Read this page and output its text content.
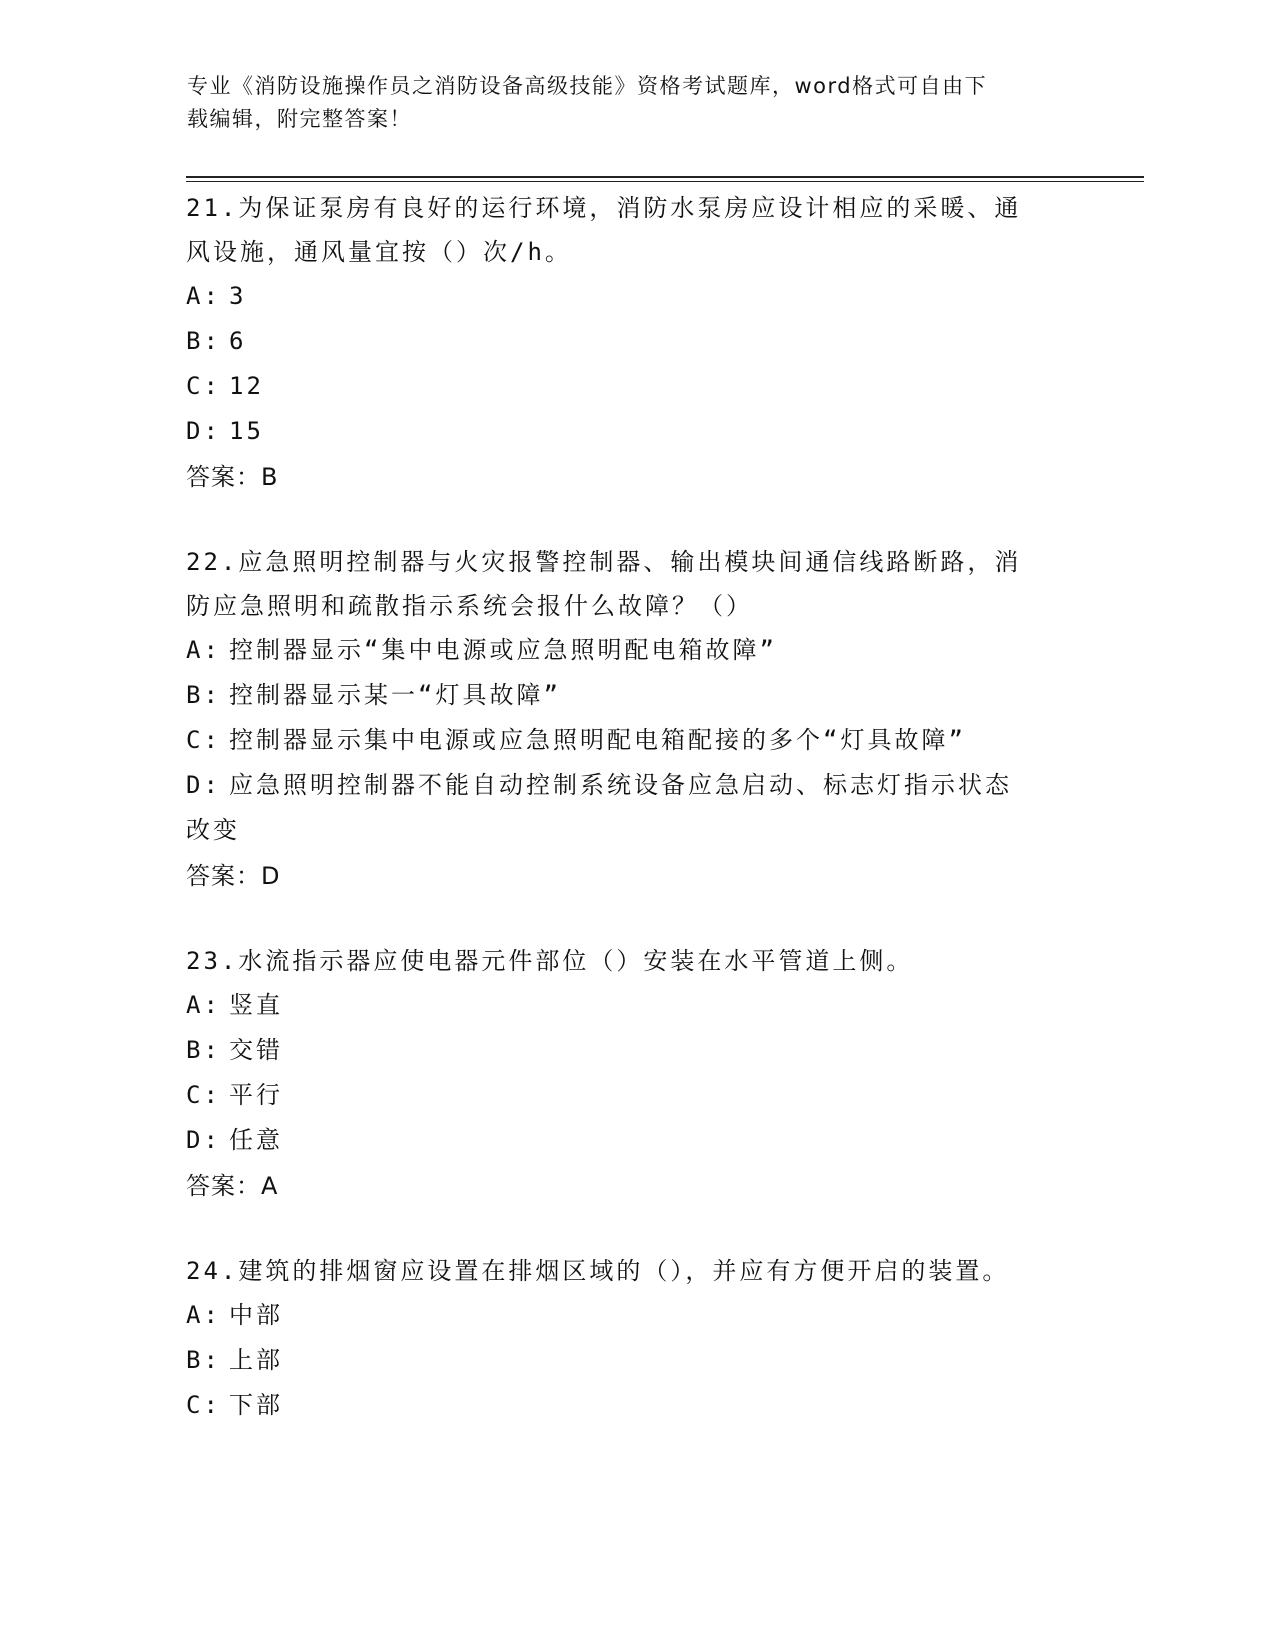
专业《消防设施操作员之消防设备高级技能》资格考试题库，word格式可自由下
载编辑，附完整答案！

21.为保证泵房有良好的运行环境，消防水泵房应设计相应的采暖、通

风设施，通风量宜按（）次/h。

A: 3

B: 6

C: 12

D: 15

答案：B

22.应急照明控制器与火灾报警控制器、输出模块间通信线路断路，消

防应急照明和疏散指示系统会报什么故障？（）

A: 控制器显示“集中电源或应急照明配电箱故障”

B: 控制器显示某一“灯具故障”

C: 控制器显示集中电源或应急照明配电箱配接的多个“灯具故障”

D: 应急照明控制器不能自动控制系统设备应急启动、标志灯指示状态

改变

答案：D

23.水流指示器应使电器元件部位（）安装在水平管道上侧。

A: 竖直

B: 交错

C: 平行

D: 任意

答案：A

24.建筑的排烟窗应设置在排烟区域的（），并应有方便开启的装置。

A: 中部

B: 上部

C: 下部
